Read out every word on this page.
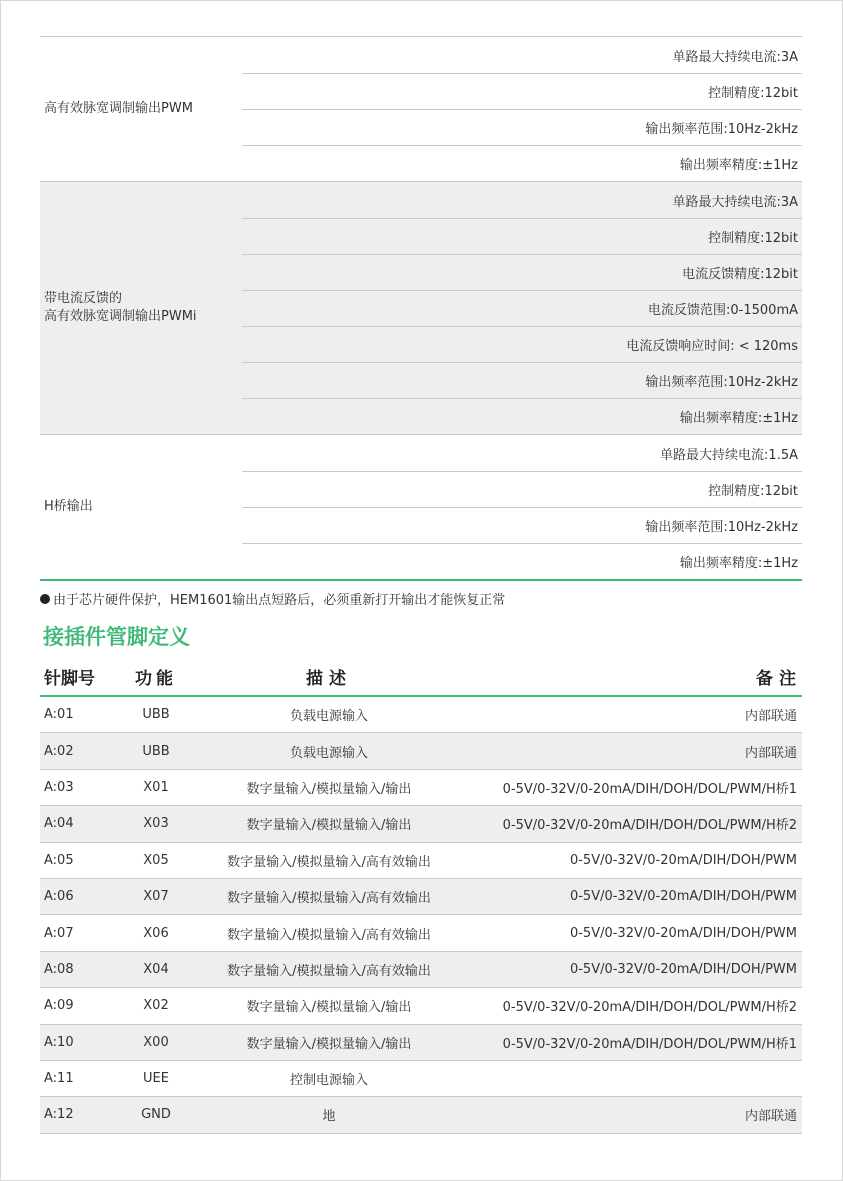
高有效脉宽调制输出PWM
单路最大持续电流:3A
控制精度:12bit
输出频率范围:10Hz-2kHz
输出频率精度:±1Hz
带电流反馈的
高有效脉宽调制输出PWMi
单路最大持续电流:3A
控制精度:12bit
电流反馈精度:12bit
电流反馈范围:0-1500mA
电流反馈响应时间: < 120ms
输出频率范围:10Hz-2kHz
输出频率精度:±1Hz
H桥输出
单路最大持续电流:1.5A
控制精度:12bit
输出频率范围:10Hz-2kHz
输出频率精度:±1Hz
由于芯片硬件保护，HEM1601输出点短路后，必须重新打开输出才能恢复正常
接插件管脚定义
针脚号	功能	描述	备注
A:01	UBB	负载电源输入	内部联通
A:02	UBB	负载电源输入	内部联通
A:03	X01	数字量输入/模拟量输入/输出	0-5V/0-32V/0-20mA/DIH/DOH/DOL/PWM/H桥1
A:04	X03	数字量输入/模拟量输入/输出	0-5V/0-32V/0-20mA/DIH/DOH/DOL/PWM/H桥2
A:05	X05	数字量输入/模拟量输入/高有效输出	0-5V/0-32V/0-20mA/DIH/DOH/PWM
A:06	X07	数字量输入/模拟量输入/高有效输出	0-5V/0-32V/0-20mA/DIH/DOH/PWM
A:07	X06	数字量输入/模拟量输入/高有效输出	0-5V/0-32V/0-20mA/DIH/DOH/PWM
A:08	X04	数字量输入/模拟量输入/高有效输出	0-5V/0-32V/0-20mA/DIH/DOH/PWM
A:09	X02	数字量输入/模拟量输入/输出	0-5V/0-32V/0-20mA/DIH/DOH/DOL/PWM/H桥2
A:10	X00	数字量输入/模拟量输入/输出	0-5V/0-32V/0-20mA/DIH/DOH/DOL/PWM/H桥1
A:11	UEE	控制电源输入
A:12	GND	地	内部联通
